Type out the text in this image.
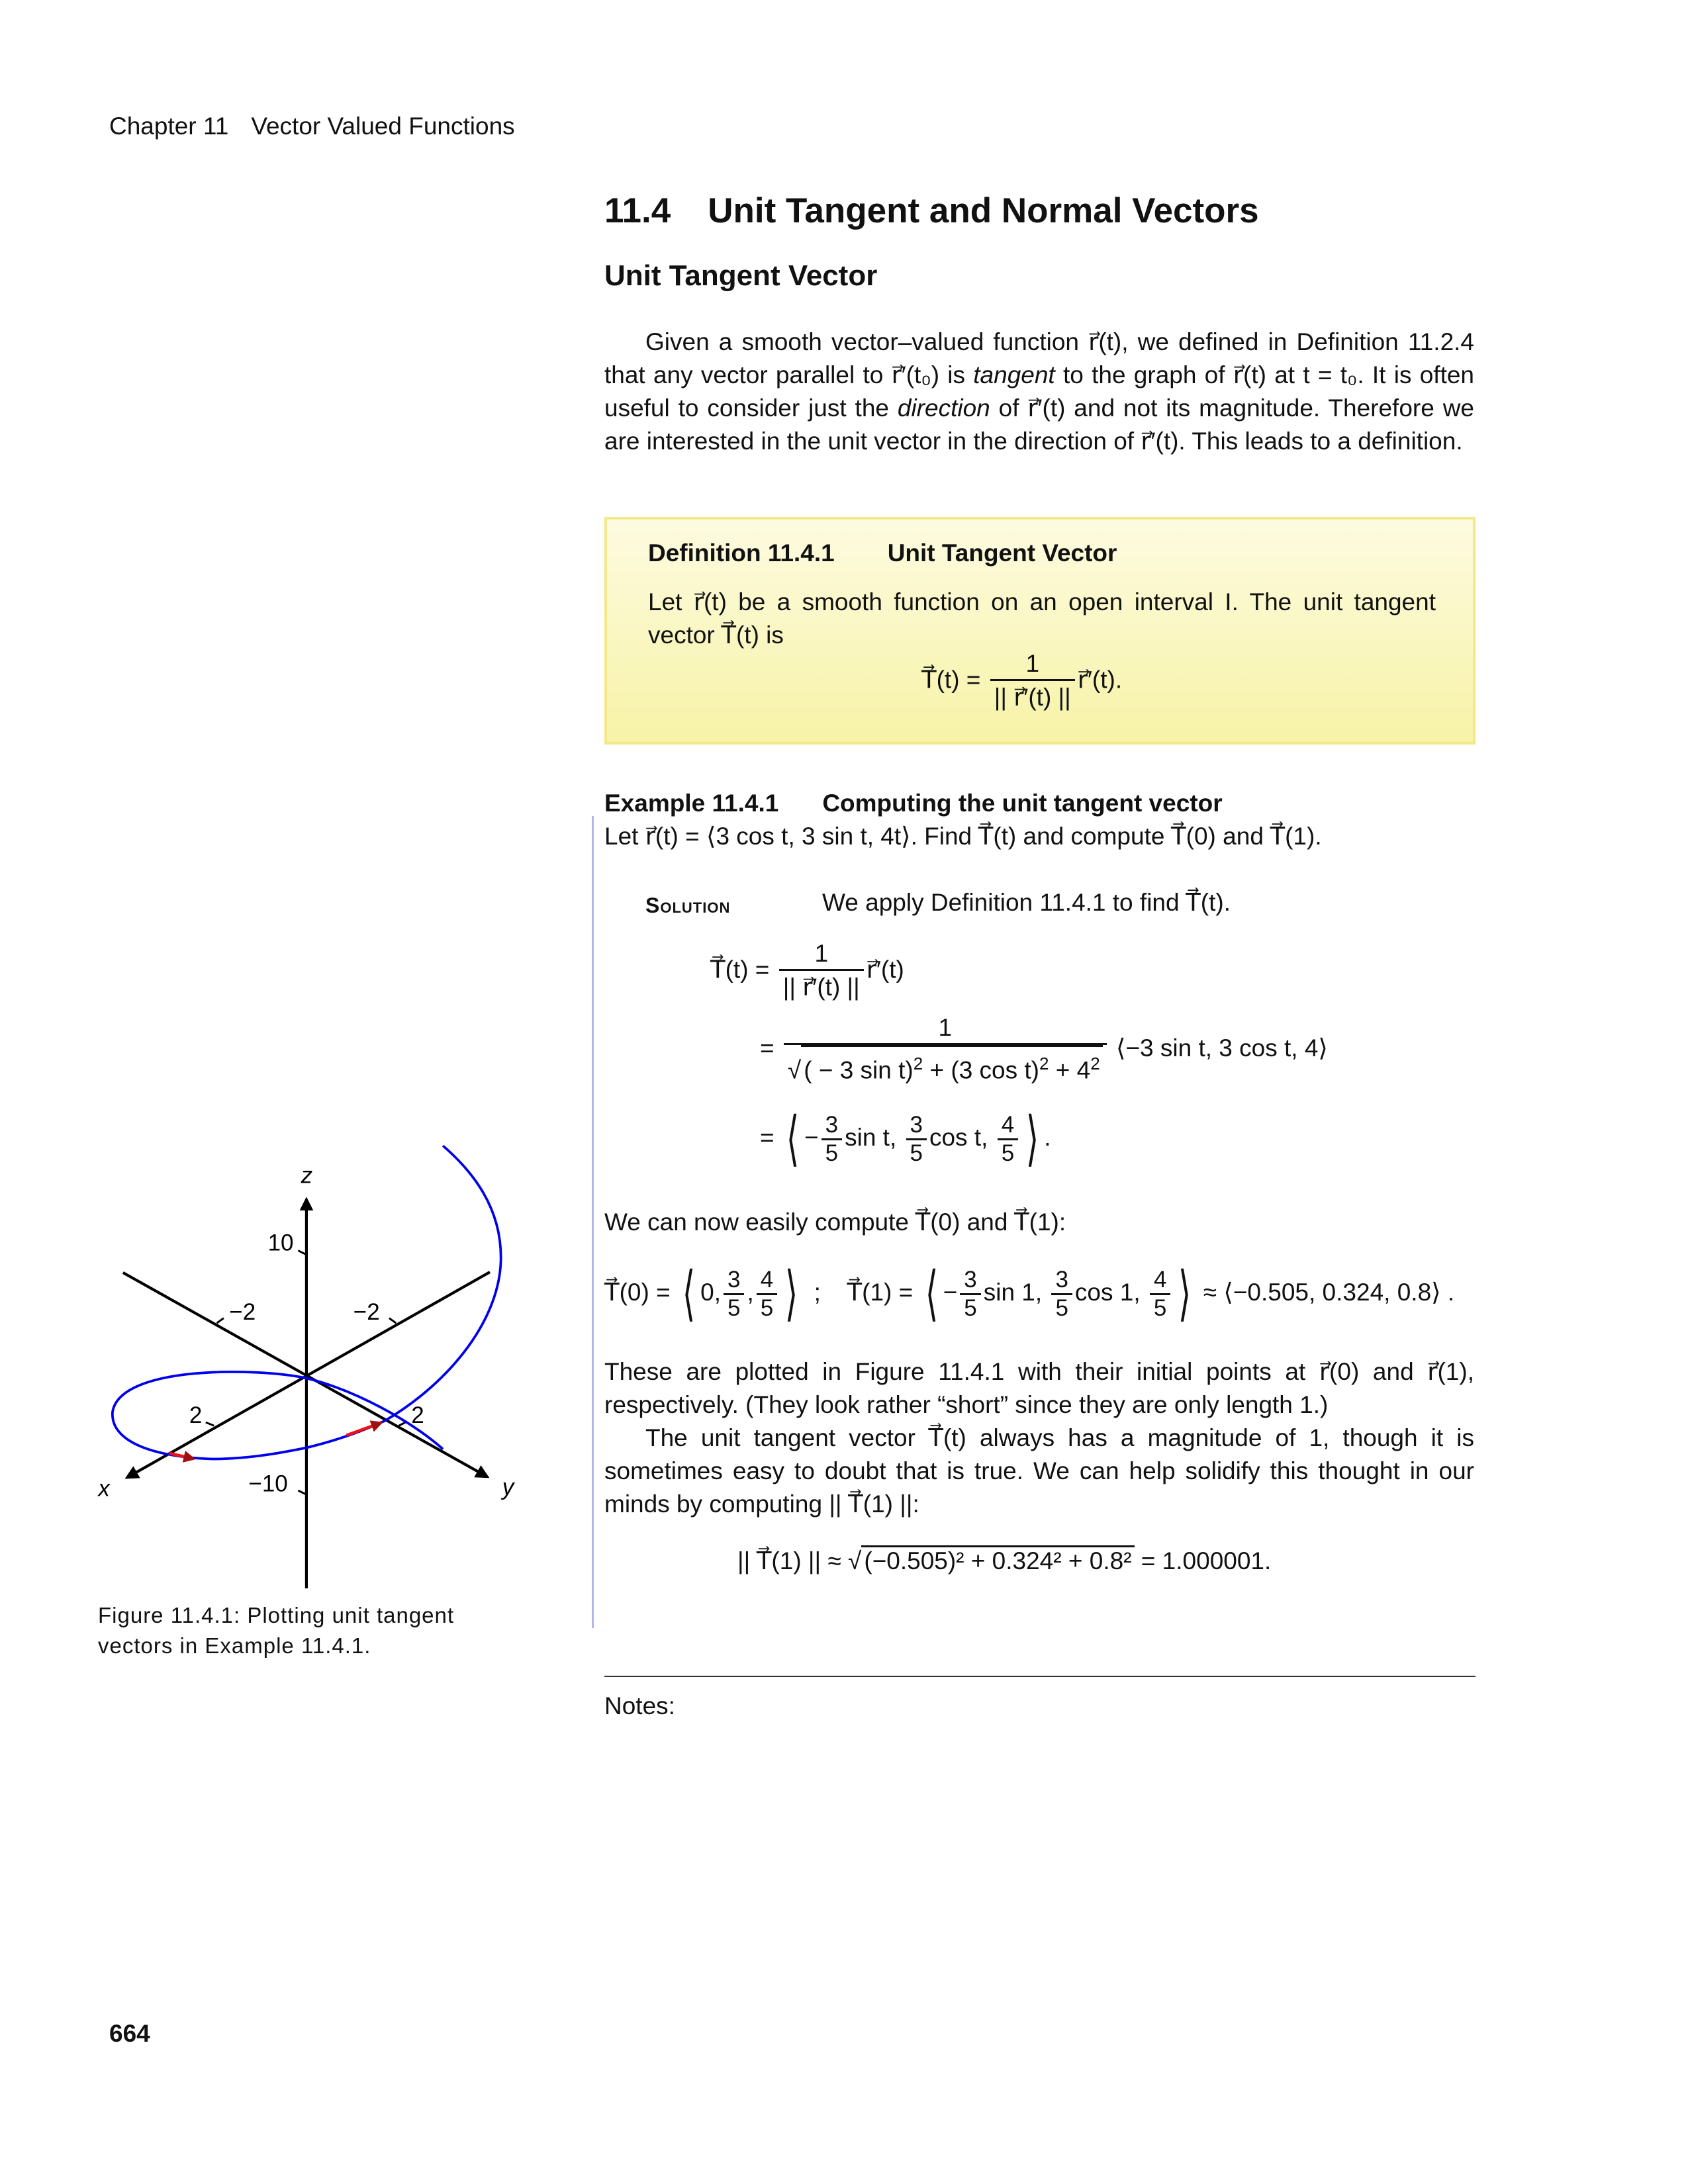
Chapter 11 Vector Valued Functions
11.4 Unit Tangent and Normal Vectors
Unit Tangent Vector
Given a smooth vector–valued function r⃗(t), we defined in Definition 11.2.4 that any vector parallel to r⃗′(t₀) is tangent to the graph of r⃗(t) at t = t₀. It is often useful to consider just the direction of r⃗′(t) and not its magnitude. Therefore we are interested in the unit vector in the direction of r⃗′(t). This leads to a definition.
Definition 11.4.1 Unit Tangent Vector
Let r⃗(t) be a smooth function on an open interval I. The unit tangent vector T⃗(t) is
T⃗(t) = $\frac{1}{|| r⃗'(t) ||}$ r⃗′(t).
Example 11.4.1 Computing the unit tangent vector
Let r⃗(t) = ⟨3 cos t, 3 sin t, 4t⟩. Find T⃗(t) and compute T⃗(0) and T⃗(1).
Solution	We apply Definition 11.4.1 to find T⃗(t).
T⃗(t) = $\frac{1}{|| r⃗'(t) ||}$ r⃗′(t)
= $\frac{1}{√ ( - 3 \sin t)^2 + (3 \cos t)^2 + 4^2}$ ⟨−3 sin t, 3 cos t, 4⟩
= ⟨ − $\frac{3}{5}$ sin t, $\frac{3}{5}$ cos t, $\frac{4}{5}$ ⟩ .
We can now easily compute T⃗(0) and T⃗(1):
T⃗(0) = ⟨ 0, $\frac{3}{5}$ , $\frac{4}{5}$ ⟩ ; T⃗(1) = ⟨ − $\frac{3}{5}$ sin 1, $\frac{3}{5}$ cos 1, $\frac{4}{5}$ ⟩ ≈ ⟨−0.505, 0.324, 0.8⟩ .
These are plotted in Figure 11.4.1 with their initial points at r⃗(0) and r⃗(1), respectively. (They look rather “short” since they are only length 1.)
The unit tangent vector T⃗(t) always has a magnitude of 1, though it is sometimes easy to doubt that is true. We can help solidify this thought in our minds by computing || T⃗(1) ||:
|| T⃗(1) || ≈ √ (−0.505)² + 0.324² + 0.8² = 1.000001.
z
x	y
10
−10
−2 −2
2	2
Figure 11.4.1: Plotting unit tangent vectors in Example 11.4.1.
Notes:
664
